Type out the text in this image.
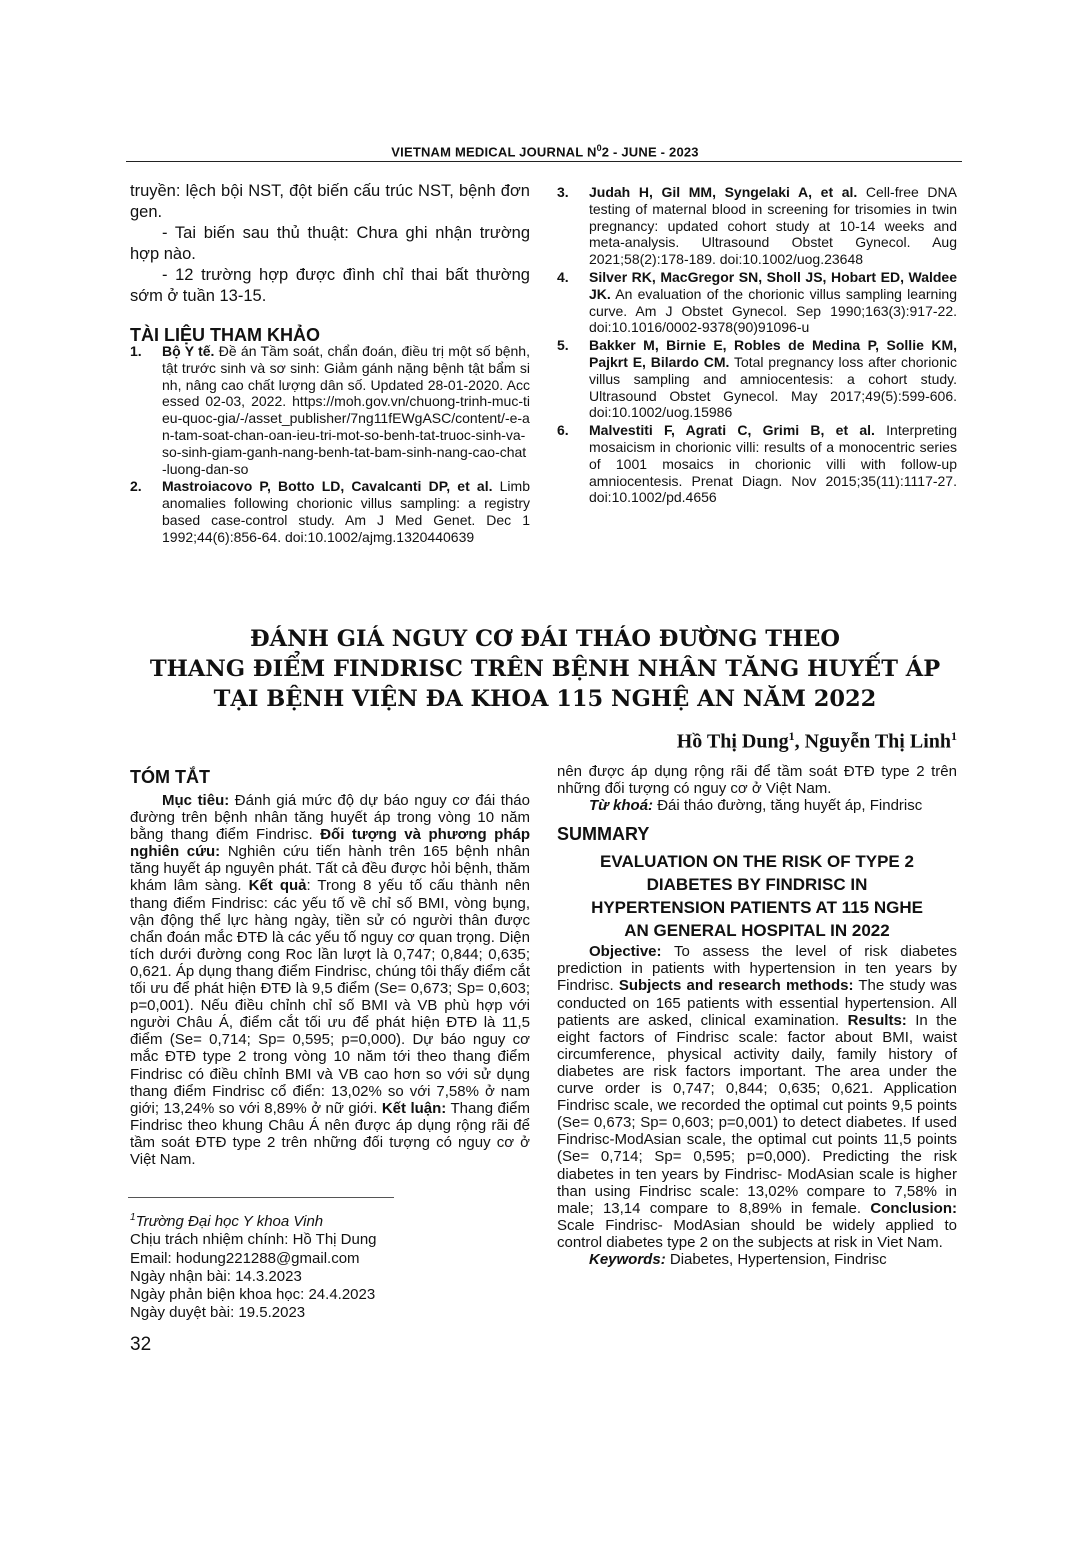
VIETNAM MEDICAL JOURNAL $N^02$ - JUNE - 2023

truyền: lệch bội NST, đột biến cấu trúc NST, bệnh đơn gen.

- Tai biến sau thủ thuật: Chưa ghi nhận trường hợp nào.

- 12 trường hợp được đình chỉ thai bất thường sớm ở tuần 13-15.

TÀI LIỆU THAM KHẢO
1.	Bộ Y tế. Đề án Tầm soát, chẩn đoán, điều trị một số bệnh, tật trước sinh và sơ sinh: Giảm gánh nặng bệnh tật bẩm sinh, nâng cao chất lượng dân số. Updated 28-01-2020. Accessed 02-03, 2022. https://moh.gov.vn/chuong-trinh-muc-tieu-quoc-gia/-/asset_publisher/7ng11fEWgASC/content/-e-an-tam-soat-chan-oan-ieu-tri-mot-so-benh-tat-truoc-sinh-va-so-sinh-giam-ganh-nang-benh-tat-bam-sinh-nang-cao-chat-luong-dan-so
2.	Mastroiacovo P, Botto LD, Cavalcanti DP, et al. Limb anomalies following chorionic villus sampling: a registry based case-control study. Am J Med Genet. Dec 1 1992;44(6):856-64. doi:10.1002/ajmg.1320440639
3.	Judah H, Gil MM, Syngelaki A, et al. Cell-free DNA testing of maternal blood in screening for trisomies in twin pregnancy: updated cohort study at 10-14 weeks and meta-analysis. Ultrasound Obstet Gynecol. Aug 2021;58(2):178-189. doi:10.1002/uog.23648
4.	Silver RK, MacGregor SN, Sholl JS, Hobart ED, Waldee JK. An evaluation of the chorionic villus sampling learning curve. Am J Obstet Gynecol. Sep 1990;163(3):917-22. doi:10.1016/0002-9378(90)91096-u
5.	Bakker M, Birnie E, Robles de Medina P, Sollie KM, Pajkrt E, Bilardo CM. Total pregnancy loss after chorionic villus sampling and amniocentesis: a cohort study. Ultrasound Obstet Gynecol. May 2017;49(5):599-606. doi:10.1002/uog.15986
6.	Malvestiti F, Agrati C, Grimi B, et al. Interpreting mosaicism in chorionic villi: results of a monocentric series of 1001 mosaics in chorionic villi with follow-up amniocentesis. Prenat Diagn. Nov 2015;35(11):1117-27. doi:10.1002/pd.4656
ĐÁNH GIÁ NGUY CƠ ĐÁI THÁO ĐƯỜNG THEO
THANG ĐIỂM FINDRISC TRÊN BỆNH NHÂN TĂNG HUYẾT ÁP
TẠI BỆNH VIỆN ĐA KHOA 115 NGHỆ AN NĂM 2022
Hồ Thị Dung$^1$, Nguyễn Thị Linh$^1$
TÓM TẮT

Mục tiêu: Đánh giá mức độ dự báo nguy cơ đái tháo đường trên bệnh nhân tăng huyết áp trong vòng 10 năm bằng thang điểm Findrisc. Đối tượng và phương pháp nghiên cứu: Nghiên cứu tiến hành trên 165 bệnh nhân tăng huyết áp nguyên phát. Tất cả đều được hỏi bệnh, thăm khám lâm sàng. Kết quả: Trong 8 yếu tố cấu thành nên thang điểm Findrisc: các yếu tố về chỉ số BMI, vòng bụng, vận động thể lực hàng ngày, tiền sử có người thân được chẩn đoán mắc ĐTĐ là các yếu tố nguy cơ quan trọng. Diện tích dưới đường cong Roc lần lượt là 0,747; 0,844; 0,635; 0,621. Áp dụng thang điểm Findrisc, chúng tôi thấy điểm cắt tối ưu để phát hiện ĐTĐ là 9,5 điểm (Se= 0,673; Sp= 0,603; p=0,001). Nếu điều chỉnh chỉ số BMI và VB phù hợp với người Châu Á, điểm cắt tối ưu để phát hiện ĐTĐ là 11,5 điểm (Se= 0,714; Sp= 0,595; p=0,000). Dự báo nguy cơ mắc ĐTĐ type 2 trong vòng 10 năm tới theo thang điểm Findrisc có điều chỉnh BMI và VB cao hơn so với sử dụng thang điểm Findrisc cổ điển: 13,02% so với 7,58% ở nam giới; 13,24% so với 8,89% ở nữ giới. Kết luận: Thang điểm Findrisc theo khung Châu Á nên được áp dụng rộng rãi để tầm soát ĐTĐ type 2 trên những đối tượng có nguy cơ ở Việt Nam.

$^1$Trường Đại học Y khoa Vinh
Chịu trách nhiệm chính: Hồ Thị Dung
Email: hodung221288@gmail.com
Ngày nhận bài: 14.3.2023
Ngày phản biện khoa học: 24.4.2023
Ngày duyệt bài: 19.5.2023
32

nên được áp dụng rộng rãi để tầm soát ĐTĐ type 2 trên những đối tượng có nguy cơ ở Việt Nam.

Từ khoá: Đái tháo đường, tăng huyết áp, Findrisc

SUMMARY
EVALUATION ON THE RISK OF TYPE 2
DIABETES BY FINDRISC IN
HYPERTENSION PATIENTS AT 115 NGHE
AN GENERAL HOSPITAL IN 2022

Objective: To assess the level of risk diabetes prediction in patients with hypertension in ten years by Findrisc. Subjects and research methods: The study was conducted on 165 patients with essential hypertension. All patients are asked, clinical examination. Results: In the eight factors of Findrisc scale: factor about BMI, waist circumference, physical activity daily, family history of diabetes are risk factors important. The area under the curve order is 0,747; 0,844; 0,635; 0,621. Application Findrisc scale, we recorded the optimal cut points 9,5 points (Se= 0,673; Sp= 0,603; p=0,001) to detect diabetes. If used Findrisc-ModAsian scale, the optimal cut points 11,5 points (Se= 0,714; Sp= 0,595; p=0,000). Predicting the risk diabetes in ten years by Findrisc- ModAsian scale is higher than using Findrisc scale: 13,02% compare to 7,58% in male; 13,14 compare to 8,89% in female. Conclusion: Scale Findrisc- ModAsian should be widely applied to control diabetes type 2 on the subjects at risk in Viet Nam.

Keywords: Diabetes, Hypertension, Findrisc
